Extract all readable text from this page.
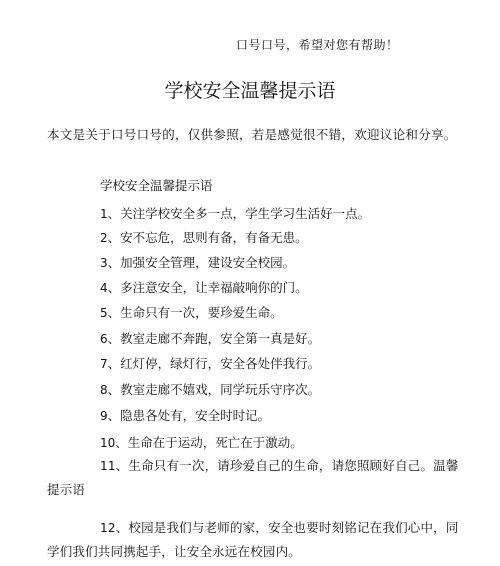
口号口号，希望对您有帮助！
学校安全温馨提示语
本文是关于口号口号的，仅供参照，若是感觉很不错，欢迎议论和分享。
学校安全温馨提示语
1、关注学校安全多一点，学生学习生活好一点。
2、安不忘危，思则有备，有备无患。
3、加强安全管理，建设安全校园。
4、多注意安全，让幸福敲响你的门。
5、生命只有一次，要珍爱生命。
6、教室走廊不奔跑，安全第一真是好。
7、红灯停，绿灯行，安全各处伴我行。
8、教室走廊不嬉戏，同学玩乐守序次。
9、隐患各处有，安全时时记。
10、生命在于运动，死亡在于激动。
11、生命只有一次，请珍爱自己的生命，请您照顾好自己。温馨提示语
12、校园是我们与老师的家，安全也要时刻铭记在我们心中，同学们我们共同携起手，让安全永远在校园内。
